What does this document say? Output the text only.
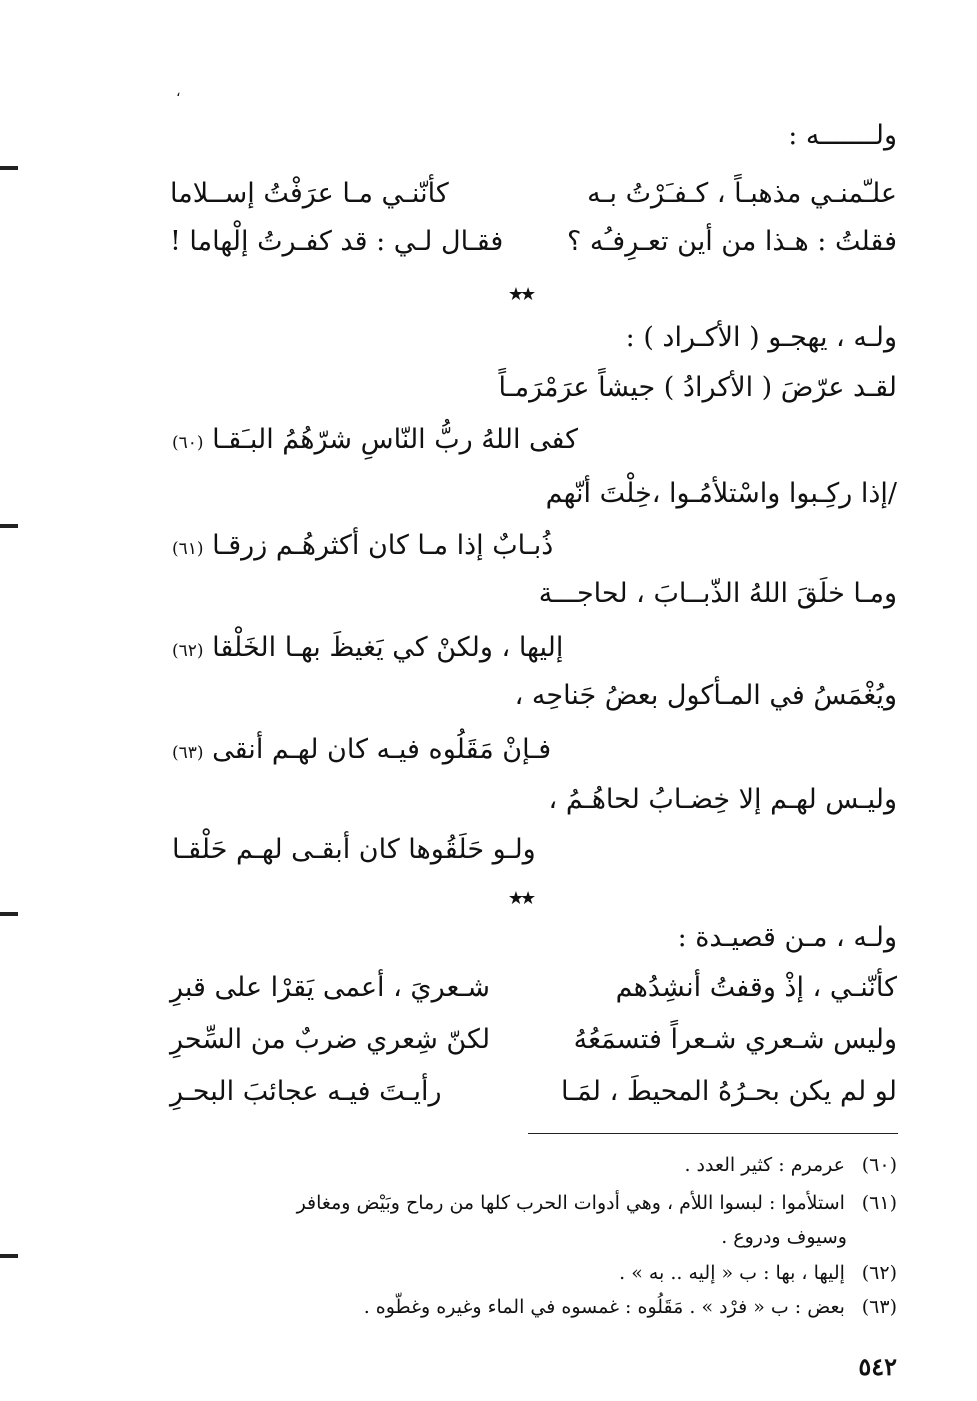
،
ولـــــــه :
علـّمنـي مذهبـاً ، كـفـَرْتُ بـه
كأنّنـي مـا عرَفْتُ إســلاما
فقلتُ : هـذا من أين تعـرِفـُه ؟
فقـال لـي : قد كفـرتُ إلْهاما !
★★
ولـه ، يهجـو ( الأكـراد ) :
لقـد عرّضَ ( الأكرادُ ) جيشاً عرَمْرَمـاً
كفى اللهُ ربُّ النّاسِ شرّهُمُ البـَقـا (٦٠)
/إذا ركِـبوا واسْتلأمُـوا ،خِلْتَ أنّهم
ذُبـابٌ إذا مـا كان أكثرهُـم زرقـا (٦١)
ومـا خلَقَ اللهُ الذّبــابَ ، لحاجـــة
إليها ، ولكنْ كي يَغيظَ بهـا الخَلْقا (٦٢)
ويُغْمَسُ في المـأكول بعضُ جَناحِه ،
فـإنْ مَقَلُوه فيـه كان لهـم أنقى (٦٣)
وليـس لهـم إلا خِضـابُ لحاهُـمُ ،
ولـو حَلَقُوها كان أبقـى لهـم حَلْقـا
★★
ولـه ، مـن قصيـدة :
كأنّنـي ، إذْ وقفتُ أنشِدُهم
شـعريَ ، أعمى يَقرْا على قبرِ
وليس شـعري شـعراً فتسمَعُهُ
لكنّ شِعري ضربٌ من السِّحرِ
لو لم يكن بحـرُهُ المحيطَ ، لمَـا
رأيـتَ فيـه عجائبَ البحـرِ
(٦٠) عرمرم : كثير العدد .
(٦١) استلأموا : لبسوا اللأم ، وهي أدوات الحرب كلها من رماح وبَيْض ومغافر
وسيوف ودروع .
(٦٢) إليها ، بها : ب « إليه .. به » .
(٦٣) بعض : ب « فرْد » . مَقَلُوه : غمسوه في الماء وغيره وغطّوه .
٥٤٢
